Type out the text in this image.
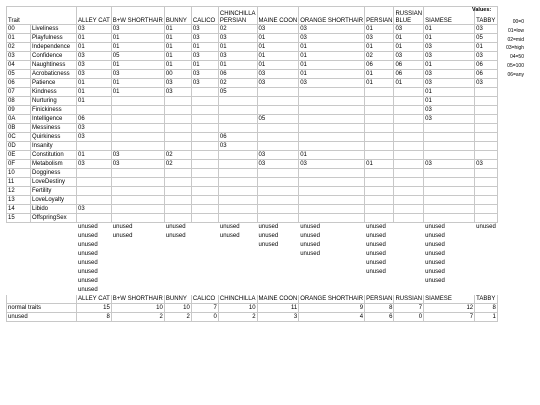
Trait		ALLEY CAT	B+W SHORTHAIR	BUNNY	CALICO	CHINCHILLA PERSIAN	MAINE COON	ORANGE SHORTHAIR	PERSIAN	RUSSIAN BLUE	SIAMESE	TABBY
00	Liveliness	03	03	01	03	02	03	03	01	03	01	03
01	Playfulness	01	01	01	03	03	01	03	03	01	01	05
02	Independence	01	01	01	01	01	01	01	01	01	03	01
03	Confidence	03	05	01	03	03	01	01	02	03	03	03
04	Naughtiness	03	01	01	01	01	01	01	06	06	01	06
05	Acrobaticness	03	03	00	03	06	03	01	01	06	03	06
06	Patience	01	01	03	03	02	03	03	01	01	03	03
07	Kindness	01	01	03		05					01	
08	Nurturing	01									01	
09	Finickiness										03	
0A	Intelligence	06					05				03	
0B	Messiness	03										
0C	Quirkiness	03				06						
0D	Insanity					03						
0E	Constitution	01	03	02			03	01				
0F	Metabolism	03	03	02			03	03	01		03	03
10	Dogginess											
11	LoveDestiny											
12	Fertility											
13	LoveLoyalty											
14	Libido	03										
15	OffspringSex											
		unused	unused	unused		unused	unused	unused	unused		unused	unused
		unused	unused	unused		unused	unused	unused	unused		unused	
		unused					unused	unused	unused		unused	
		unused						unused	unused		unused	
		unused							unused		unused	
		unused							unused		unused	
		unused									unused	
		unused										
		ALLEY CAT	B+W SHORTHAIR	BUNNY	CALICO	CHINCHILLA	MAINE COON	ORANGE SHORTHAIR	PERSIAN	RUSSIAN	SIAMESE	TABBY
normal traits		15	10	10	7	10	11	9	8	7	12	8
unused		8	2	2	0	2	3	4	6	0	7	1
Values:
00=0
01=low
02=mid
03=high
04=50
05=100
06=any
